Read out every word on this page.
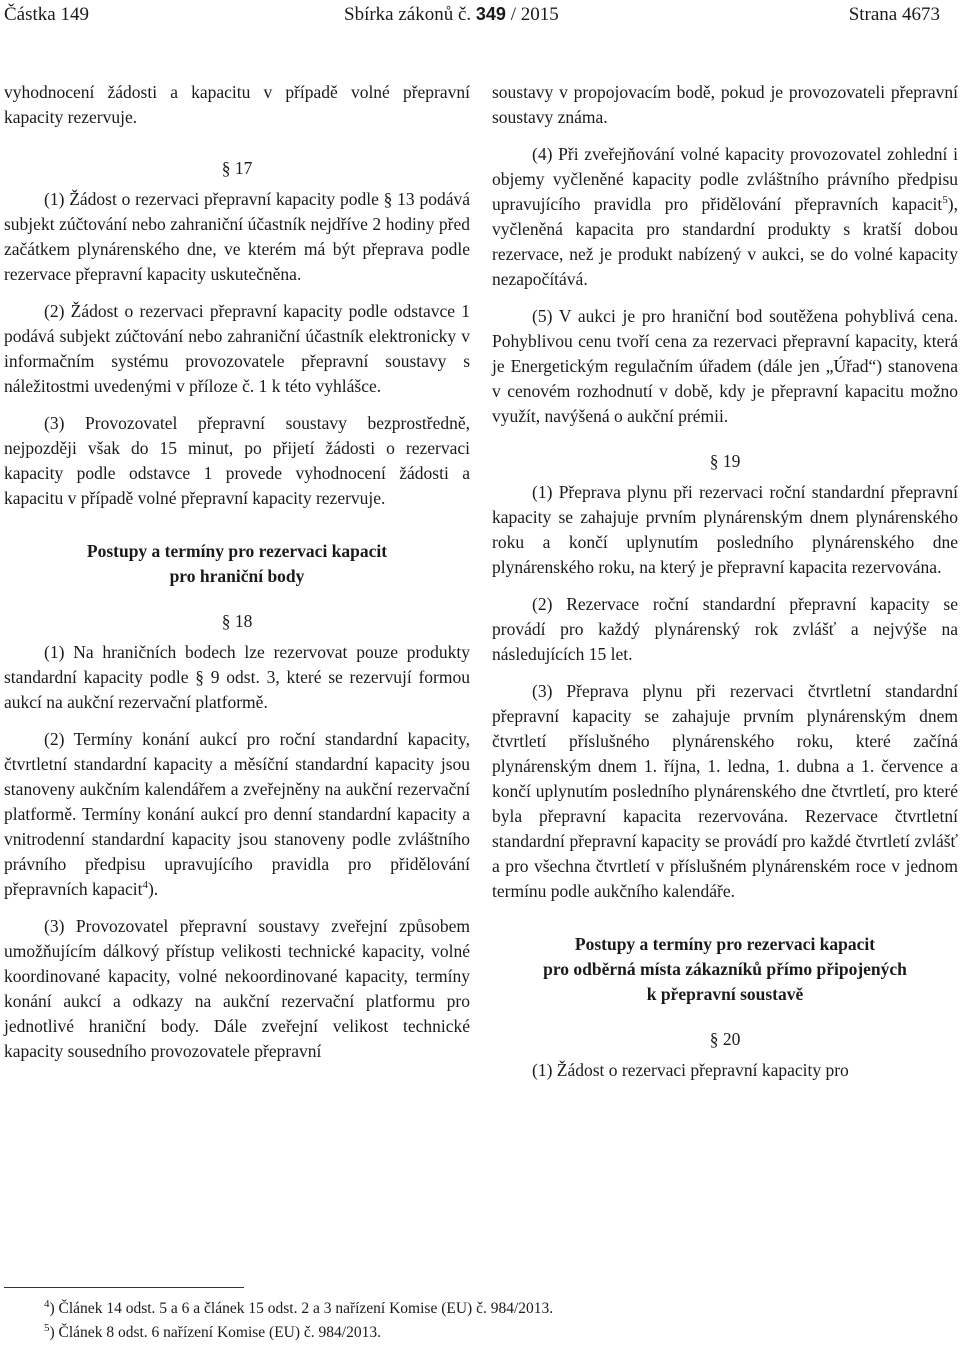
Částka 149	Sbírka zákonů č. 349 / 2015	Strana 4673

vyhodnocení žádosti a kapacitu v případě volné přepravní kapacity rezervuje.

§ 17

(1) Žádost o rezervaci přepravní kapacity podle § 13 podává subjekt zúčtování nebo zahraniční účastník nejdříve 2 hodiny před začátkem plynárenského dne, ve kterém má být přeprava podle rezervace přepravní kapacity uskutečněna.

(2) Žádost o rezervaci přepravní kapacity podle odstavce 1 podává subjekt zúčtování nebo zahraniční účastník elektronicky v informačním systému provozovatele přepravní soustavy s náležitostmi uvedenými v příloze č. 1 k této vyhlášce.

(3) Provozovatel přepravní soustavy bezprostředně, nejpozději však do 15 minut, po přijetí žádosti o rezervaci kapacity podle odstavce 1 provede vyhodnocení žádosti a kapacitu v případě volné přepravní kapacity rezervuje.

Postupy a termíny pro rezervaci kapacit
pro hraniční body
§ 18

(1) Na hraničních bodech lze rezervovat pouze produkty standardní kapacity podle § 9 odst. 3, které se rezervují formou aukcí na aukční rezervační platformě.

(2) Termíny konání aukcí pro roční standardní kapacity, čtvrtletní standardní kapacity a měsíční standardní kapacity jsou stanoveny aukčním kalendářem a zveřejněny na aukční rezervační platformě. Termíny konání aukcí pro denní standardní kapacity a vnitrodenní standardní kapacity jsou stanoveny podle zvláštního právního předpisu upravujícího pravidla pro přidělování přepravních kapacit$^4$).

(3) Provozovatel přepravní soustavy zveřejní způsobem umožňujícím dálkový přístup velikosti technické kapacity, volné koordinované kapacity, volné nekoordinované kapacity, termíny konání aukcí a odkazy na aukční rezervační platformu pro jednotlivé hraniční body. Dále zveřejní velikost technické kapacity sousedního provozovatele přepravní

soustavy v propojovacím bodě, pokud je provozovateli přepravní soustavy známa.

(4) Při zveřejňování volné kapacity provozovatel zohlední i objemy vyčleněné kapacity podle zvláštního právního předpisu upravujícího pravidla pro přidělování přepravních kapacit$^5$), vyčleněná kapacita pro standardní produkty s kratší dobou rezervace, než je produkt nabízený v aukci, se do volné kapacity nezapočítává.

(5) V aukci je pro hraniční bod soutěžena pohyblivá cena. Pohyblivou cenu tvoří cena za rezervaci přepravní kapacity, která je Energetickým regulačním úřadem (dále jen „Úřad“) stanovena v cenovém rozhodnutí v době, kdy je přepravní kapacitu možno využít, navýšená o aukční prémii.

§ 19

(1) Přeprava plynu při rezervaci roční standardní přepravní kapacity se zahajuje prvním plynárenským dnem plynárenského roku a končí uplynutím posledního plynárenského dne plynárenského roku, na který je přepravní kapacita rezervována.

(2) Rezervace roční standardní přepravní kapacity se provádí pro každý plynárenský rok zvlášť a nejvýše na následujících 15 let.

(3) Přeprava plynu při rezervaci čtvrtletní standardní přepravní kapacity se zahajuje prvním plynárenským dnem čtvrtletí příslušného plynárenského roku, které začíná plynárenským dnem 1. října, 1. ledna, 1. dubna a 1. července a končí uplynutím posledního plynárenského dne čtvrtletí, pro které byla přepravní kapacita rezervována. Rezervace čtvrtletní standardní přepravní kapacity se provádí pro každé čtvrtletí zvlášť a pro všechna čtvrtletí v příslušném plynárenském roce v jednom termínu podle aukčního kalendáře.

Postupy a termíny pro rezervaci kapacit
pro odběrná místa zákazníků přímo připojených
k přepravní soustavě
§ 20

(1) Žádost o rezervaci přepravní kapacity pro

$^4$) Článek 14 odst. 5 a 6 a článek 15 odst. 2 a 3 nařízení Komise (EU) č. 984/2013.
$^5$) Článek 8 odst. 6 nařízení Komise (EU) č. 984/2013.
